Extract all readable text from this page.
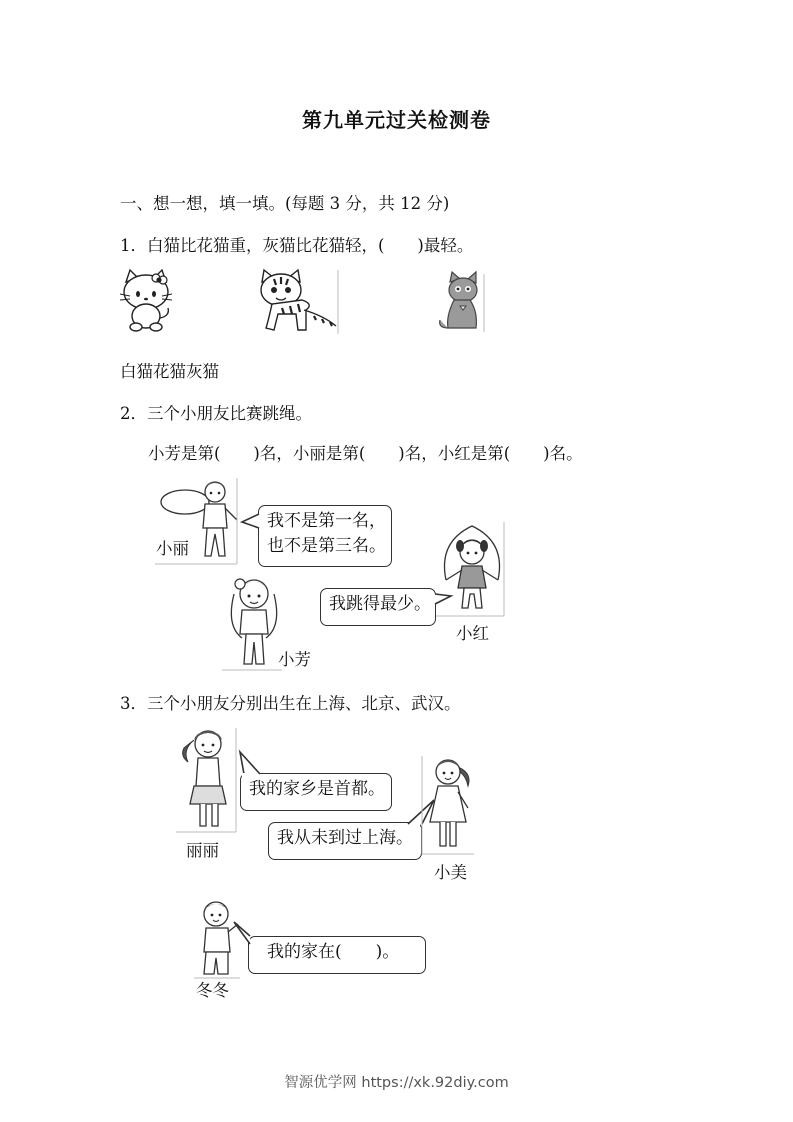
第九单元过关检测卷
一、想一想，填一填。(每题 3 分，共 12 分)
1．白猫比花猫重，灰猫比花猫轻，(　　)最轻。
白猫花猫灰猫
2．三个小朋友比赛跳绳。
小芳是第(　　)名，小丽是第(　　)名，小红是第(　　)名。
小丽
我不是第一名，
也不是第三名。
小芳
我跳得最少。
小红
3．三个小朋友分别出生在上海、北京、武汉。
丽丽
我的家乡是首都。
我从未到过上海。
小美
冬冬
我的家在(　　)。
智源优学网 https://xk.92diy.com
